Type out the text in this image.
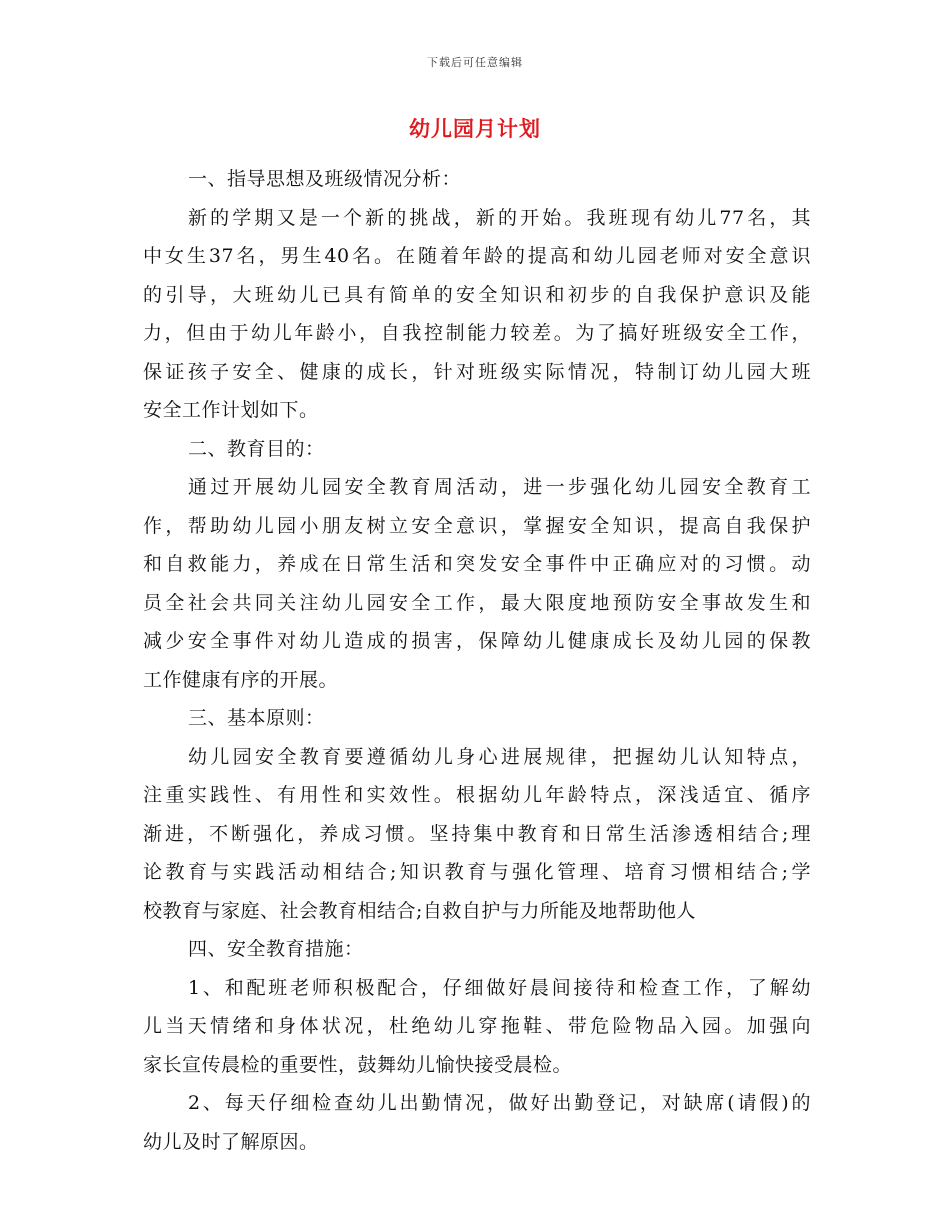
下载后可任意编辑
幼儿园月计划
一、指导思想及班级情况分析：
新的学期又是一个新的挑战，新的开始。我班现有幼儿77名，其
中女生37名，男生40名。在随着年龄的提高和幼儿园老师对安全意识
的引导，大班幼儿已具有简单的安全知识和初步的自我保护意识及能
力，但由于幼儿年龄小，自我控制能力较差。为了搞好班级安全工作，
保证孩子安全、健康的成长，针对班级实际情况，特制订幼儿园大班
安全工作计划如下。
二、教育目的：
通过开展幼儿园安全教育周活动，进一步强化幼儿园安全教育工
作，帮助幼儿园小朋友树立安全意识，掌握安全知识，提高自我保护
和自救能力，养成在日常生活和突发安全事件中正确应对的习惯。动
员全社会共同关注幼儿园安全工作，最大限度地预防安全事故发生和
减少安全事件对幼儿造成的损害，保障幼儿健康成长及幼儿园的保教
工作健康有序的开展。
三、基本原则：
幼儿园安全教育要遵循幼儿身心进展规律，把握幼儿认知特点，
注重实践性、有用性和实效性。根据幼儿年龄特点，深浅适宜、循序
渐进，不断强化，养成习惯。坚持集中教育和日常生活渗透相结合;理
论教育与实践活动相结合;知识教育与强化管理、培育习惯相结合;学
校教育与家庭、社会教育相结合;自救自护与力所能及地帮助他人
四、安全教育措施：
1、和配班老师积极配合，仔细做好晨间接待和检查工作，了解幼
儿当天情绪和身体状况，杜绝幼儿穿拖鞋、带危险物品入园。加强向
家长宣传晨检的重要性，鼓舞幼儿愉快接受晨检。
2、每天仔细检查幼儿出勤情况，做好出勤登记，对缺席(请假)的
幼儿及时了解原因。
